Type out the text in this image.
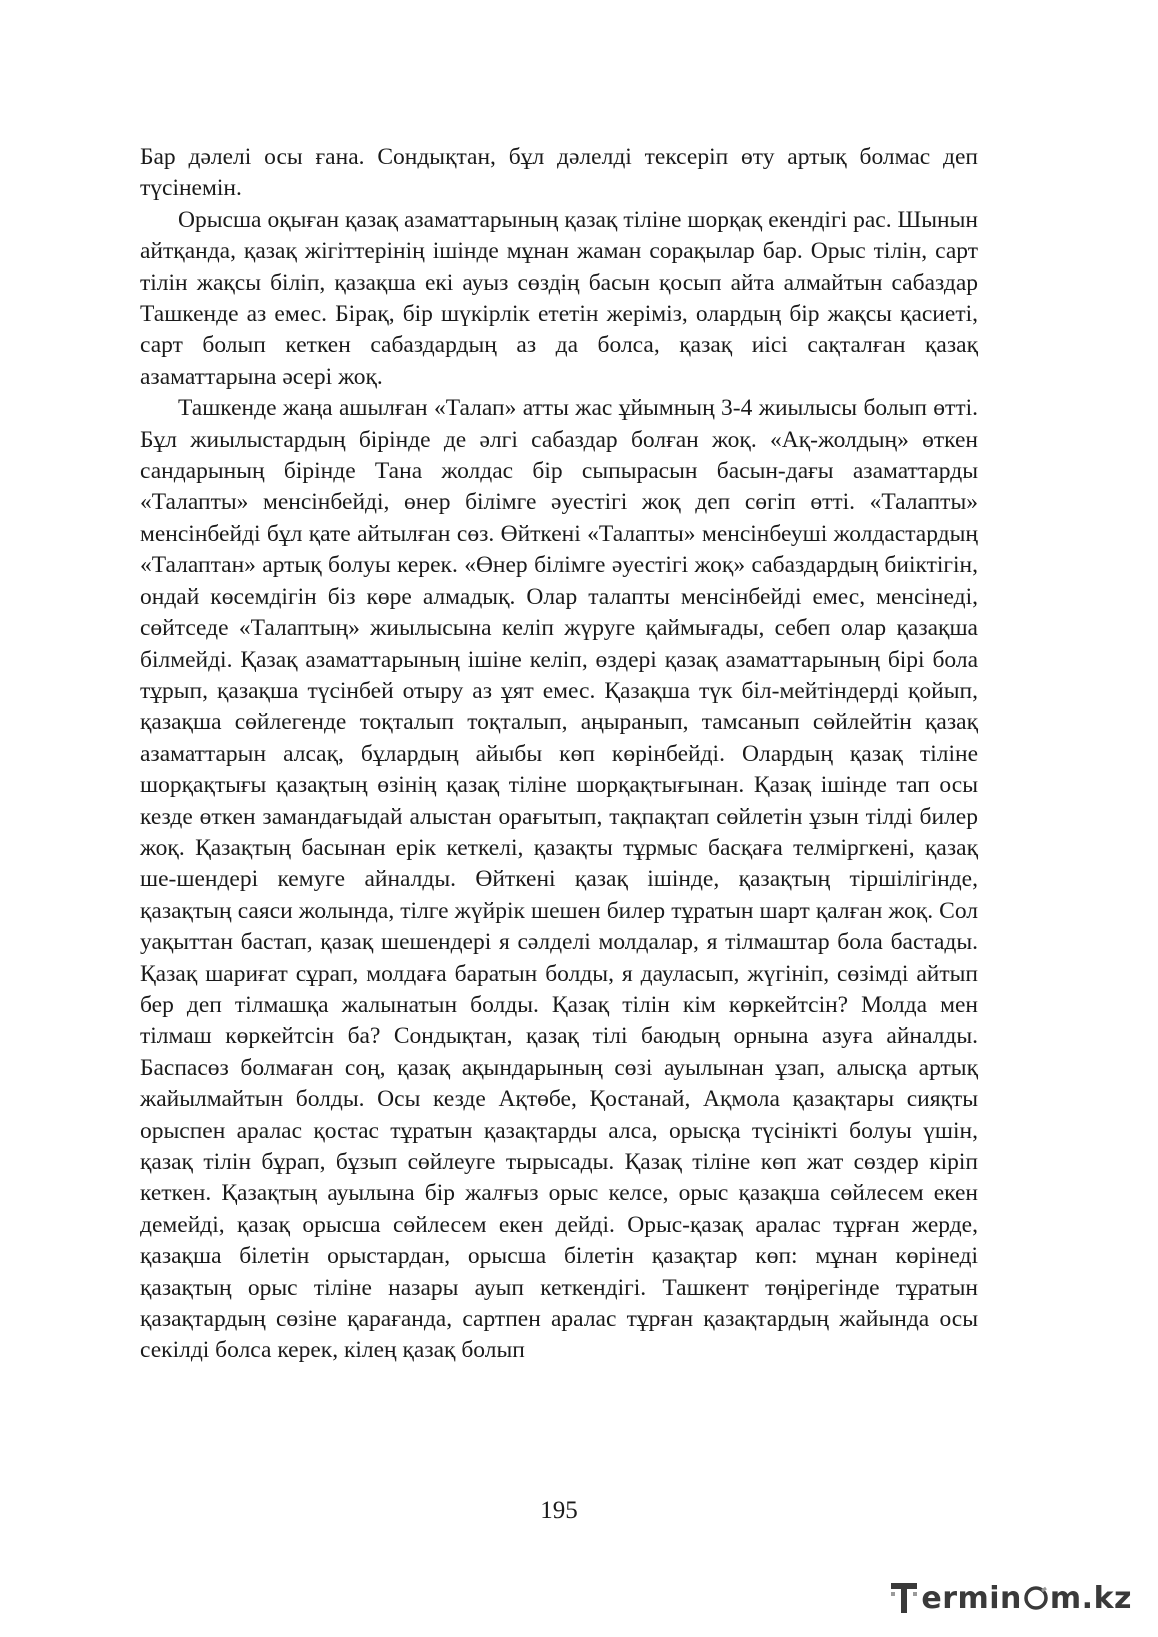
Бар дәлелі осы ғана. Сондықтан, бұл дәлелді тексеріп өту артық болмас деп түсінемін.

Орысша оқыған қазақ азаматтарының қазақ тіліне шорқақ екендігі рас. Шынын айтқанда, қазақ жігіттерінің ішінде мұнан жаман сорақылар бар. Орыс тілін, сарт тілін жақсы біліп, қазақша екі ауыз сөздің басын қосып айта алмайтын сабаздар Ташкенде аз емес. Бірақ, бір шүкірлік ететін жеріміз, олардың бір жақсы қасиеті, сарт болып кеткен сабаздардың аз да болса, қазақ иісі сақталған қазақ азаматтарына әсері жоқ.

Ташкенде жаңа ашылған «Талап» атты жас ұйымның 3-4 жиылысы болып өтті. Бұл жиылыстардың бірінде де әлгі сабаздар болған жоқ. «Ақ-жолдың» өткен сандарының бірінде Тана жолдас бір сыпырасын басын-дағы азаматтарды «Талапты» менсінбейді, өнер білімге әуестігі жоқ деп сөгіп өтті. «Талапты» менсінбейді бұл қате айтылған сөз. Өйткені «Талапты» менсінбеуші жолдастардың «Талаптан» артық болуы керек. «Өнер білімге әуестігі жоқ» сабаздардың биіктігін, ондай көсемдігін біз көре алмадық. Олар талапты менсінбейді емес, менсінеді, сөйтседе «Талаптың» жиылысына келіп жүруге қаймығады, себеп олар қазақша білмейді. Қазақ азаматтарының ішіне келіп, өздері қазақ азаматтарының бірі бола тұрып, қазақша түсінбей отыру аз ұят емес. Қазақша түк біл-мейтіндерді қойып, қазақша сөйлегенде тоқталып тоқталып, аңыранып, тамсанып сөйлейтін қазақ азаматтарын алсақ, бұлардың айыбы көп көрінбейді. Олардың қазақ тіліне шорқақтығы қазақтың өзінің қазақ тіліне шорқақтығынан. Қазақ ішінде тап осы кезде өткен замандағыдай алыстан орағытып, тақпақтап сөйлетін ұзын тілді билер жоқ. Қазақтың басынан ерік кеткелі, қазақты тұрмыс басқаға телміргкені, қазақ ше-шендері кемуге айналды. Өйткені қазақ ішінде, қазақтың тіршілігінде, қазақтың саяси жолында, тілге жүйрік шешен билер тұратын шарт қалған жоқ. Сол уақыттан бастап, қазақ шешендері я сәлделі молдалар, я тілмаштар бола бастады. Қазақ шариғат сұрап, молдаға баратын болды, я дауласып, жүгініп, сөзімді айтып бер деп тілмашқа жалынатын болды. Қазақ тілін кім көркейтсін? Молда мен тілмаш көркейтсін ба? Сондықтан, қазақ тілі баюдың орнына азуға айналды. Баспасөз болмаған соң, қазақ ақындарының сөзі ауылынан ұзап, алысқа артық жайылмайтын болды. Осы кезде Ақтөбе, Қостанай, Ақмола қазақтары сияқты орыспен аралас қостас тұратын қазақтарды алса, орысқа түсінікті болуы үшін, қазақ тілін бұрап, бұзып сөйлеуге тырысады. Қазақ тіліне көп жат сөздер кіріп кеткен. Қазақтың ауылына бір жалғыз орыс келсе, орыс қазақша сөйлесем екен демейді, қазақ орысша сөйлесем екен дейді. Орыс-қазақ аралас тұрған жерде, қазақша білетін орыстардан, орысша білетін қазақтар көп: мұнан көрінеді қазақтың орыс тіліне назары ауып кеткендігі. Ташкент төңірегінде тұратын қазақтардың сөзіне қарағанда, сартпен аралас тұрған қазақтардың жайында осы секілді болса керек, кілең қазақ болып

195
ermin m.kz
